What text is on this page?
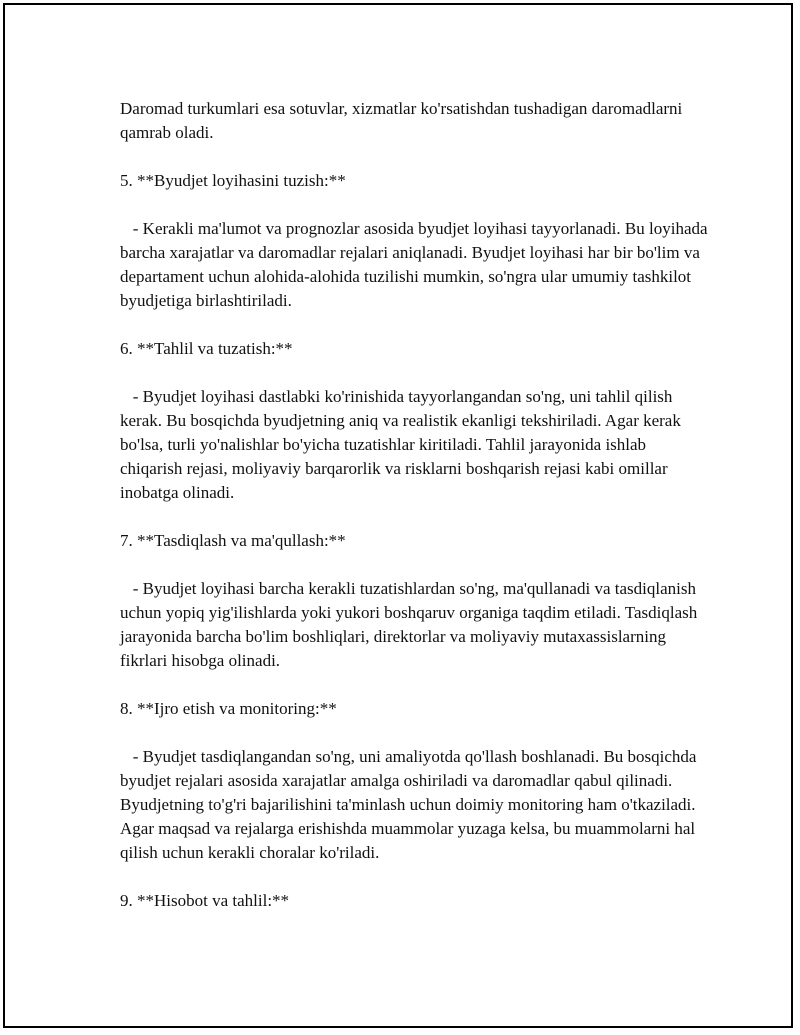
Daromad turkumlari esa sotuvlar, xizmatlar ko'rsatishdan tushadigan daromadlarni qamrab oladi.

5. **Byudjet loyihasini tuzish:**

- Kerakli ma'lumot va prognozlar asosida byudjet loyihasi tayyorlanadi. Bu loyihada barcha xarajatlar va daromadlar rejalari aniqlanadi. Byudjet loyihasi har bir bo'lim va departament uchun alohida-alohida tuzilishi mumkin, so'ngra ular umumiy tashkilot byudjetiga birlashtiriladi.

6. **Tahlil va tuzatish:**

- Byudjet loyihasi dastlabki ko'rinishida tayyorlangandan so'ng, uni tahlil qilish kerak. Bu bosqichda byudjetning aniq va realistik ekanligi tekshiriladi. Agar kerak bo'lsa, turli yo'nalishlar bo'yicha tuzatishlar kiritiladi. Tahlil jarayonida ishlab chiqarish rejasi, moliyaviy barqarorlik va risklarni boshqarish rejasi kabi omillar inobatga olinadi.

7. **Tasdiqlash va ma'qullash:**

- Byudjet loyihasi barcha kerakli tuzatishlardan so'ng, ma'qullanadi va tasdiqlanish uchun yopiq yig'ilishlarda yoki yukori boshqaruv organiga taqdim etiladi. Tasdiqlash jarayonida barcha bo'lim boshliqlari, direktorlar va moliyaviy mutaxassislarning fikrlari hisobga olinadi.

8. **Ijro etish va monitoring:**

- Byudjet tasdiqlangandan so'ng, uni amaliyotda qo'llash boshlanadi. Bu bosqichda byudjet rejalari asosida xarajatlar amalga oshiriladi va daromadlar qabul qilinadi. Byudjetning to'g'ri bajarilishini ta'minlash uchun doimiy monitoring ham o'tkaziladi. Agar maqsad va rejalarga erishishda muammolar yuzaga kelsa, bu muammolarni hal qilish uchun kerakli choralar ko'riladi.

9. **Hisobot va tahlil:**
